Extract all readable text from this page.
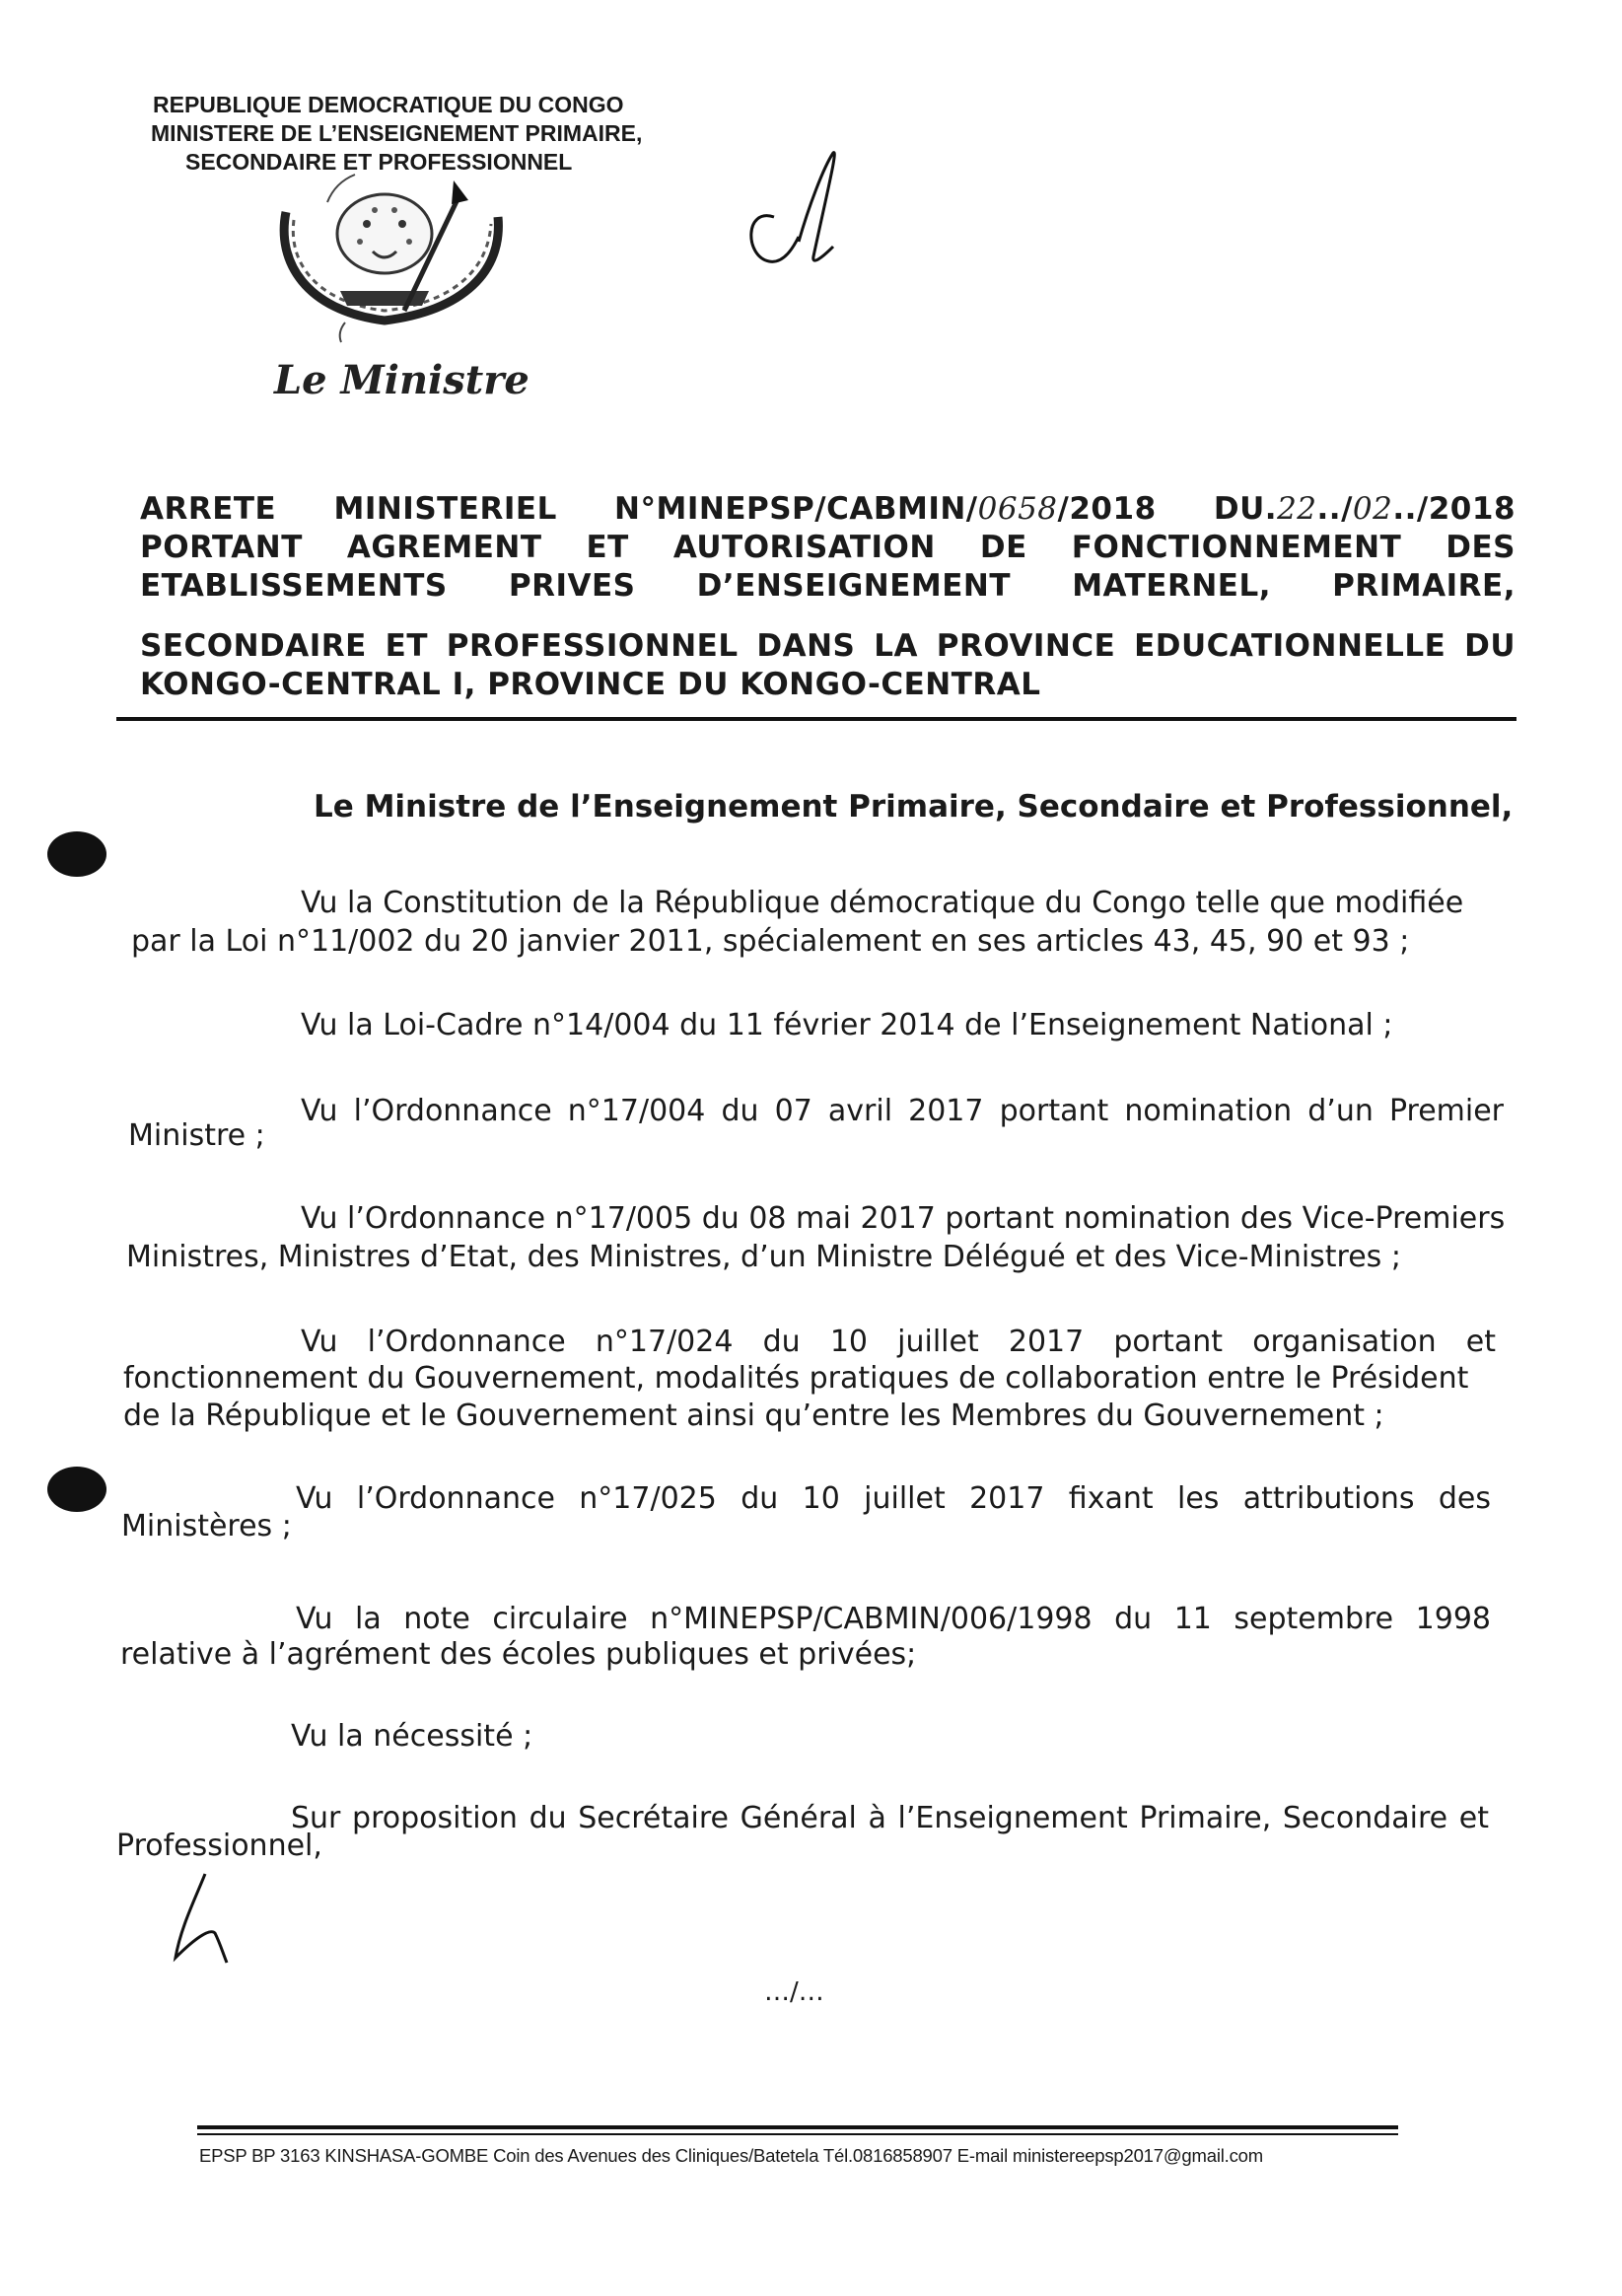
REPUBLIQUE DEMOCRATIQUE DU CONGO
MINISTERE DE L’ENSEIGNEMENT PRIMAIRE,
SECONDAIRE ET PROFESSIONNEL
Le Ministre
ARRETE MINISTERIEL N°MINEPSP/CABMIN/0658/2018 DU.22../02../2018
PORTANT AGREMENT ET AUTORISATION DE FONCTIONNEMENT DES
ETABLISSEMENTS PRIVES D’ENSEIGNEMENT MATERNEL, PRIMAIRE,
SECONDAIRE ET PROFESSIONNEL DANS LA PROVINCE EDUCATIONNELLE DU
KONGO-CENTRAL I, PROVINCE DU KONGO-CENTRAL
Le Ministre de l’Enseignement Primaire, Secondaire et Professionnel,
Vu la Constitution de la République démocratique du Congo telle que modifiée
par la Loi n°11/002 du 20 janvier 2011, spécialement en ses articles 43, 45, 90 et 93 ;
Vu la Loi-Cadre n°14/004 du 11 février 2014 de l’Enseignement National ;
Vu l’Ordonnance n°17/004 du 07 avril 2017 portant nomination d’un Premier
Ministre ;
Vu l’Ordonnance n°17/005 du 08 mai 2017 portant nomination des Vice-Premiers
Ministres, Ministres d’Etat, des Ministres, d’un Ministre Délégué et des Vice-Ministres ;
Vu l’Ordonnance n°17/024 du 10 juillet 2017 portant organisation et
fonctionnement du Gouvernement, modalités pratiques de collaboration entre le Président
de la République et le Gouvernement ainsi qu’entre les Membres du Gouvernement ;
Vu l’Ordonnance n°17/025 du 10 juillet 2017 fixant les attributions des
Ministères ;
Vu la note circulaire n°MINEPSP/CABMIN/006/1998 du 11 septembre 1998
relative à l’agrément des écoles publiques et privées;
Vu la nécessité ;
Sur proposition du Secrétaire Général à l’Enseignement Primaire, Secondaire et
Professionnel,
…/…
EPSP BP 3163 KINSHASA-GOMBE Coin des Avenues des Cliniques/Batetela Tél.0816858907 E-mail ministereepsp2017@gmail.com
